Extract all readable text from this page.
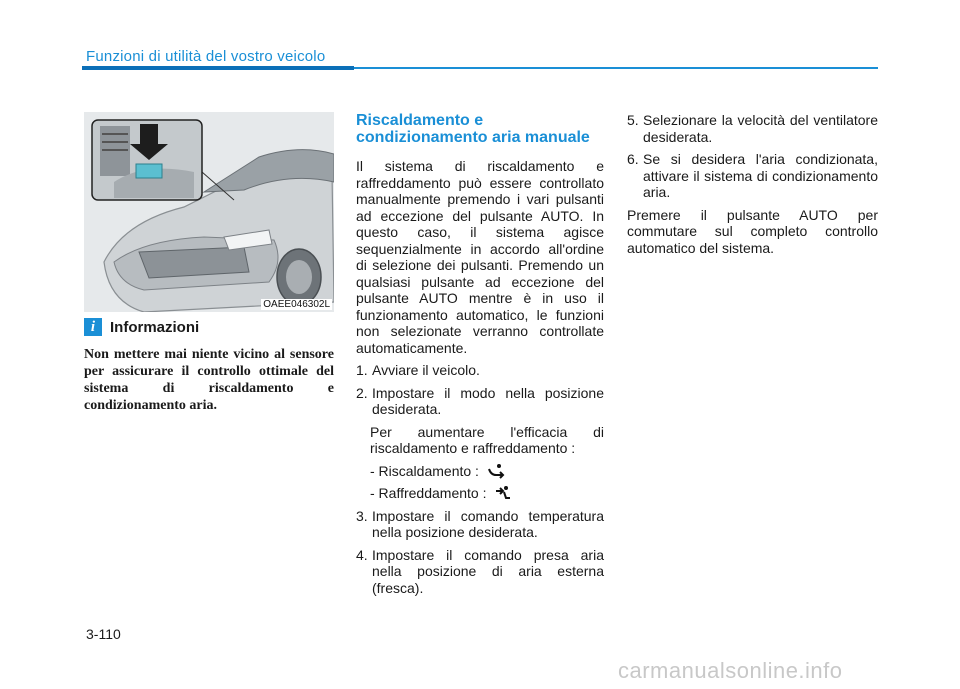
Funzioni di utilità del vostro veicolo
OAEE046302L
i Informazioni
Non mettere mai niente vicino al sensore per assicurare il controllo ottimale del sistema di riscaldamento e condizionamento aria.
Riscaldamento e
condizionamento aria manuale

Il sistema di riscaldamento e raffreddamento può essere controllato manualmente premendo i vari pulsanti ad eccezione del pulsante AUTO. In questo caso, il sistema agisce sequenzialmente in accordo all'ordine di selezione dei pulsanti. Premendo un qualsiasi pulsante ad eccezione del pulsante AUTO mentre è in uso il funzionamento automatico, le funzioni non selezionate verranno controllate automaticamente.

1. Avviare il veicolo.
2. Impostare il modo nella posizione desiderata.

Per aumentare l'efficacia di riscaldamento e raffreddamento :

- Riscaldamento :
- Raffreddamento :
3. Impostare il comando temperatura nella posizione desiderata.
4. Impostare il comando presa aria nella posizione di aria esterna (fresca).
5. Selezionare la velocità del ventilatore desiderata.
6. Se si desidera l'aria condizionata, attivare il sistema di condizionamento aria.

Premere il pulsante AUTO per commutare sul completo controllo automatico del sistema.

3-110
carmanualsonline.info
